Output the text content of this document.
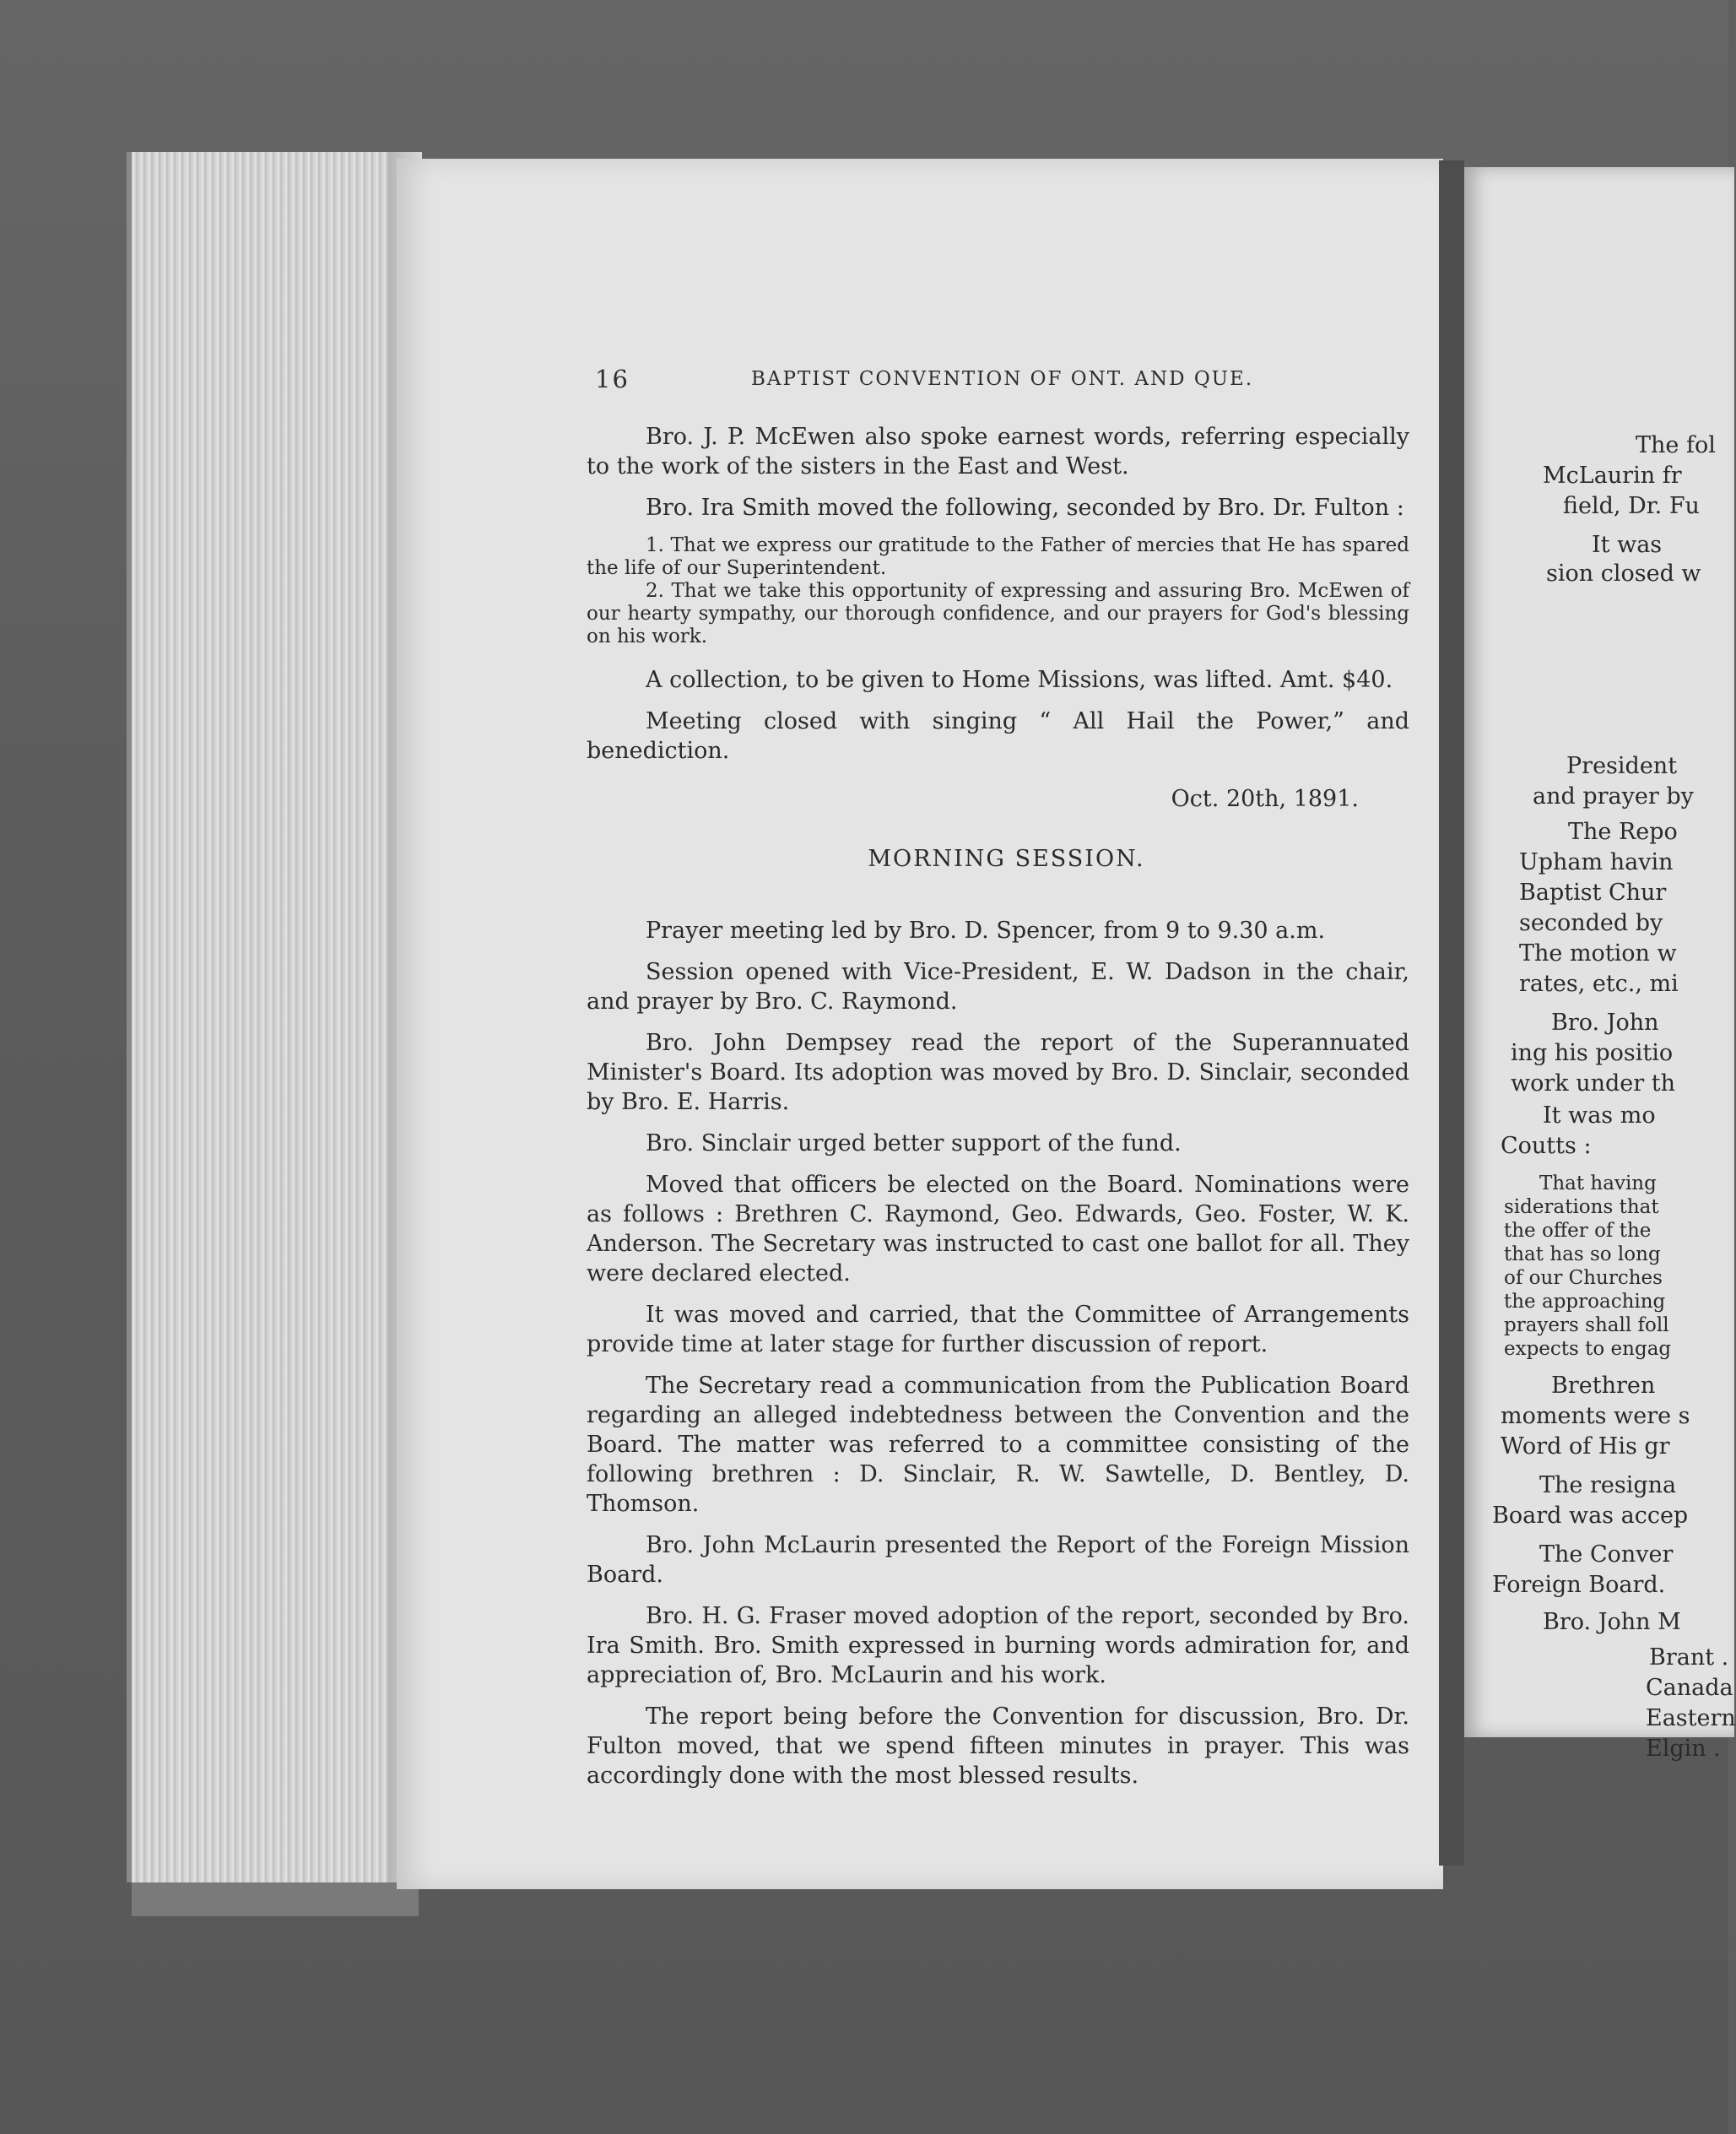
16	BAPTIST CONVENTION OF ONT. AND QUE.

Bro. J. P. McEwen also spoke earnest words, referring especially to the work of the sisters in the East and West.

Bro. Ira Smith moved the following, seconded by Bro. Dr. Fulton :

1. That we express our gratitude to the Father of mercies that He has spared the life of our Superintendent.

2. That we take this opportunity of expressing and assuring Bro. McEwen of our hearty sympathy, our thorough confidence, and our prayers for God's blessing on his work.

A collection, to be given to Home Missions, was lifted. Amt. $40.

Meeting closed with singing “ All Hail the Power,” and benediction.

Oct. 20th, 1891.
MORNING SESSION.

Prayer meeting led by Bro. D. Spencer, from 9 to 9.30 a.m.

Session opened with Vice-President, E. W. Dadson in the chair, and prayer by Bro. C. Raymond.

Bro. John Dempsey read the report of the Superannuated Minister's Board. Its adoption was moved by Bro. D. Sinclair, seconded by Bro. E. Harris.

Bro. Sinclair urged better support of the fund.

Moved that officers be elected on the Board. Nominations were as follows : Brethren C. Raymond, Geo. Edwards, Geo. Foster, W. K. Anderson. The Secretary was instructed to cast one ballot for all. They were declared elected.

It was moved and carried, that the Committee of Arrangements provide time at later stage for further discussion of report.

The Secretary read a communication from the Publication Board regarding an alleged indebtedness between the Convention and the Board. The matter was referred to a committee consisting of the following brethren : D. Sinclair, R. W. Sawtelle, D. Bentley, D. Thomson.

Bro. John McLaurin presented the Report of the Foreign Mission Board.

Bro. H. G. Fraser moved adoption of the report, seconded by Bro. Ira Smith. Bro. Smith expressed in burning words admiration for, and appreciation of, Bro. McLaurin and his work.

The report being before the Convention for discussion, Bro. Dr. Fulton moved, that we spend fifteen minutes in prayer. This was accordingly done with the most blessed results.

The fol
McLaurin fr
field, Dr. Fu
It was
sion closed w
President
and prayer by
The Repo
Upham havin
Baptist Chur
seconded by
The motion w
rates, etc., mi
Bro. John
ing his positio
work under th
It was mo
Coutts :
That having
siderations that
the offer of the
that has so long
of our Churches
the approaching
prayers shall foll
expects to engag
Brethren
moments were s
Word of His gr
The resigna
Board was accep
The Conver
Foreign Board.
Bro. John M
Brant .
Canada
Eastern
Elgin .
